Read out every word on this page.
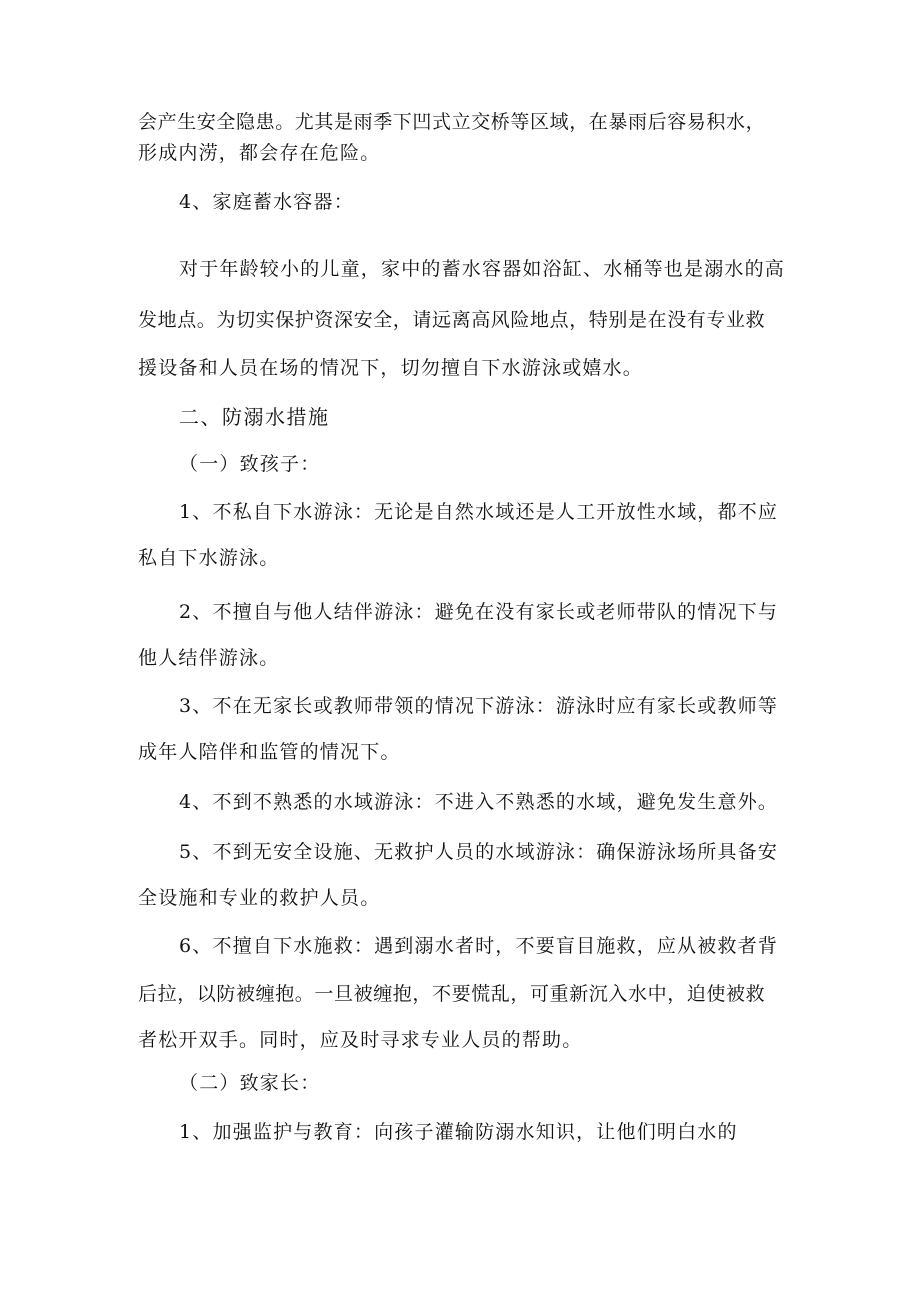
会产生安全隐患。尤其是雨季下凹式立交桥等区域，在暴雨后容易积水，
形成内涝，都会存在危险。
4、家庭蓄水容器：
对于年龄较小的儿童，家中的蓄水容器如浴缸、水桶等也是溺水的高
发地点。为切实保护资深安全，请远离高风险地点，特别是在没有专业救
援设备和人员在场的情况下，切勿擅自下水游泳或嬉水。
二、防溺水措施
（一）致孩子：
1、不私自下水游泳：无论是自然水域还是人工开放性水域，都不应
私自下水游泳。
2、不擅自与他人结伴游泳：避免在没有家长或老师带队的情况下与
他人结伴游泳。
3、不在无家长或教师带领的情况下游泳：游泳时应有家长或教师等
成年人陪伴和监管的情况下。
4、不到不熟悉的水域游泳：不进入不熟悉的水域，避免发生意外。
5、不到无安全设施、无救护人员的水域游泳：确保游泳场所具备安
全设施和专业的救护人员。
6、不擅自下水施救：遇到溺水者时，不要盲目施救，应从被救者背
后拉，以防被缠抱。一旦被缠抱，不要慌乱，可重新沉入水中，迫使被救
者松开双手。同时，应及时寻求专业人员的帮助。
（二）致家长：
1、加强监护与教育：向孩子灌输防溺水知识，让他们明白水的
